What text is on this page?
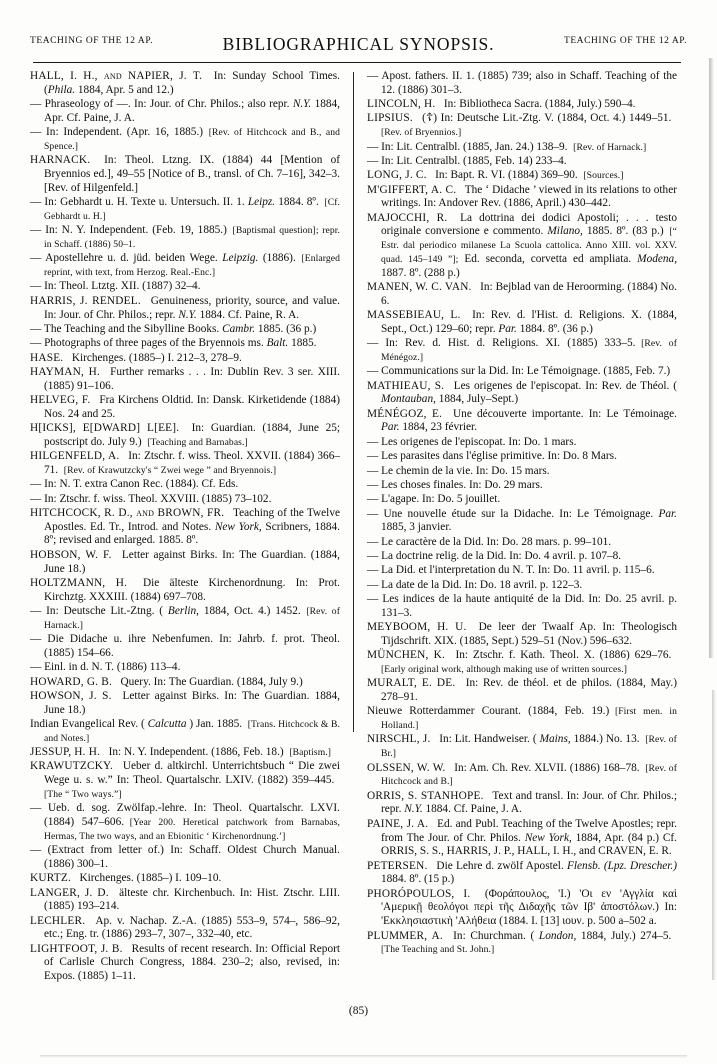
TEACHING OF THE 12 AP.	BIBLIOGRAPHICAL SYNOPSIS.	TEACHING OF THE 12 AP.

HALL, I. H., and NAPIER, J. T.  In: Sunday School Times. (Phila. 1884, Apr. 5 and 12.)

— Phraseology of —. In: Jour. of Chr. Philos.; also repr. N.Y. 1884, Apr. Cf. Paine, J. A.

— In: Independent. (Apr. 16, 1885.)  [Rev. of Hitchcock and B., and Spence.]

HARNACK.  In: Theol. Ltzng. IX. (1884) 44 [Mention of Bryennios ed.], 49–55 [Notice of B., transl. of Ch. 7–16], 342–3. [Rev. of Hilgenfeld.]

— In: Gebhardt u. H. Texte u. Untersuch. II. 1. Leipz. 1884. 8º.  [Cf. Gebhardt u. H.]

— In: N. Y. Independent. (Feb. 19, 1885.)  [Baptismal question]; repr. in Schaff. (1886) 50–1.

— Apostellehre u. d. jüd. beiden Wege. Leipzig. (1886).  [Enlarged reprint, with text, from Herzog. Real.-Enc.]

— In: Theol. Ltztg. XII. (1887) 32–4.

HARRIS, J. RENDEL.  Genuineness, priority, source, and value. In: Jour. of Chr. Philos.; repr. N.Y. 1884. Cf. Paine, R. A.

— The Teaching and the Sibylline Books. Cambr. 1885. (36 p.)

— Photographs of three pages of the Bryennois ms. Balt. 1885.

HASE.  Kirchenges. (1885–) I. 212–3, 278–9.

HAYMAN, H.  Further remarks . . . In: Dublin Rev. 3 ser. XIII. (1885) 91–106.

HELVEG, F.  Fra Kirchens Oldtid. In: Dansk. Kirketidende (1884) Nos. 24 and 25.

H[ICKS], E[DWARD] L[EE].  In: Guardian. (1884, June 25; postscript do. July 9.)  [Teaching and Barnabas.]

HILGENFELD, A.  In: Ztschr. f. wiss. Theol. XXVII. (1884) 366–71.  [Rev. of Krawutzcky's “ Zwei wege ” and Bryennois.]

— In: N. T. extra Canon Rec. (1884). Cf. Eds.

— In: Ztschr. f. wiss. Theol. XXVIII. (1885) 73–102.

HITCHCOCK, R. D., and BROWN, FR.  Teaching of the Twelve Apostles. Ed. Tr., Introd. and Notes. New York, Scribners, 1884. 8º; revised and enlarged. 1885. 8º.

HOBSON, W. F.  Letter against Birks. In: The Guardian. (1884, June 18.)

HOLTZMANN, H.  Die älteste Kirchenordnung. In: Prot. Kirchztg. XXXIII. (1884) 697–708.

— In: Deutsche Lit.-Ztng. ( Berlin, 1884, Oct. 4.) 1452.  [Rev. of Harnack.]

— Die Didache u. ihre Nebenfumen. In: Jahrb. f. prot. Theol. (1885) 154–66.

— Einl. in d. N. T. (1886) 113–4.

HOWARD, G. B.  Query. In: The Guardian. (1884, July 9.)

HOWSON, J. S.  Letter against Birks. In: The Guardian. 1884, June 18.)

Indian Evangelical Rev. ( Calcutta ) Jan. 1885.  [Trans. Hitchcock & B. and Notes.]

JESSUP, H. H.  In: N. Y. Independent. (1886, Feb. 18.)  [Baptism.]

KRAWUTZCKY.  Ueber d. altkirchl. Unterrichtsbuch “ Die zwei Wege u. s. w.” In: Theol. Quartalschr. LXIV. (1882) 359–445. [The “ Two ways.”]

— Ueb. d. sog. Zwölfap.-lehre. In: Theol. Quartalschr. LXVI. (1884) 547–606.  [Year 200. Heretical patchwork from Barnabas, Hermas, The two ways, and an Ebionitic ‘ Kirchenordnung.’]

— (Extract from letter of.) In: Schaff. Oldest Church Manual. (1886) 300–1.

KURTZ.  Kirchenges. (1885–) I. 109–10.

LANGER, J. D.  älteste chr. Kirchenbuch. In: Hist. Ztschr. LIII. (1885) 193–214.

LECHLER.  Ap. v. Nachap. Z.-A. (1885) 553–9, 574–, 586–92, etc.; Eng. tr. (1886) 293–7, 307–, 332–40, etc.

LIGHTFOOT, J. B.  Results of recent research. In: Official Report of Carlisle Church Congress, 1884. 230–2; also, revised, in: Expos. (1885) 1–11.

— Apost. fathers. II. 1. (1885) 739; also in Schaff. Teaching of the 12. (1886) 301–3.

LINCOLN, H.  In: Bibliotheca Sacra. (1884, July.) 590–4.

LIPSIUS.  (☦) In: Deutsche Lit.-Ztg. V. (1884, Oct. 4.) 1449–51. [Rev. of Bryennios.]

— In: Lit. Centralbl. (1885, Jan. 24.) 138–9.  [Rev. of Harnack.]

— In: Lit. Centralbl. (1885, Feb. 14) 233–4.

LONG, J. C.  In: Bapt. R. VI. (1884) 369–90.  [Sources.]

M'GIFFERT, A. C.  The ‘ Didache ’ viewed in its relations to other writings. In: Andover Rev. (1886, April.) 430–442.

MAJOCCHI, R.  La dottrina dei dodici Apostoli; . . . testo originale conversione e commento. Milano, 1885. 8º. (83 p.)  [“ Estr. dal periodico milanese La Scuola cattolica. Anno XIII. vol. XXV. quad. 145–149 ”]; Ed. seconda, corvetta ed ampliata. Modena, 1887. 8º. (288 p.)

MANEN, W. C. VAN.  In: Bejblad van de Heroorming. (1884) No. 6.

MASSEBIEAU, L.  In: Rev. d. l'Hist. d. Religions. X. (1884, Sept., Oct.) 129–60; repr. Par. 1884. 8º. (36 p.)

— In: Rev. d. Hist. d. Religions. XI. (1885) 333–5.  [Rev. of Ménégoz.]

— Communications sur la Did. In: Le Témoignage. (1885, Feb. 7.)

MATHIEAU, S.  Les origenes de l'episcopat. In: Rev. de Théol. ( Montauban, 1884, July–Sept.)

MÉNÉGOZ, E.  Une découverte importante. In: Le Témoinage. Par. 1884, 23 février.

— Les origenes de l'episcopat. In: Do. 1 mars.

— Les parasites dans l'église primitive. In: Do. 8 Mars.

— Le chemin de la vie. In: Do. 15 mars.

— Les choses finales. In: Do. 29 mars.

— L'agape. In: Do. 5 jouillet.

— Une nouvelle étude sur la Didache. In: Le Témoignage. Par. 1885, 3 janvier.

— Le caractère de la Did. In: Do. 28 mars. p. 99–101.

— La doctrine relig. de la Did. In: Do. 4 avril. p. 107–8.

— La Did. et l'interpretation du N. T. In: Do. 11 avril. p. 115–6.

— La date de la Did. In: Do. 18 avril. p. 122–3.

— Les indices de la haute antiquité de la Did. In: Do. 25 avril. p. 131–3.

MEYBOOM, H. U.  De leer der Twaalf Ap. In: Theologisch Tijdschrift. XIX. (1885, Sept.) 529–51 (Nov.) 596–632.

MÜNCHEN, K.  In: Ztschr. f. Kath. Theol. X. (1886) 629–76. [Early original work, although making use of written sources.]

MURALT, E. DE.  In: Rev. de théol. et de philos. (1884, May.) 278–91.

Nieuwe Rotterdammer Courant. (1884, Feb. 19.)  [First men. in Holland.]

NIRSCHL, J.  In: Lit. Handweiser. ( Mains, 1884.) No. 13.  [Rev. of Br.]

OLSSEN, W. W.  In: Am. Ch. Rev. XLVII. (1886) 168–78.  [Rev. of Hitchcock and B.]

ORRIS, S. STANHOPE.  Text and transl. In: Jour. of Chr. Philos.; repr. N.Y. 1884. Cf. Paine, J. A.

PAINE, J. A.  Ed. and Publ. Teaching of the Twelve Apostles; repr. from The Jour. of Chr. Philos. New York, 1884, Apr. (84 p.) Cf. ORRIS, S. S., HARRIS, J. P., HALL, I. H., and CRAVEN, E. R.

PETERSEN.  Die Lehre d. zwölf Apostel. Flensb. (Lpz. Drescher.) 1884. 8º. (15 p.)

PHORÓPOULOS, I.  (Φοράπουλος, 'I.) 'Οι εν 'Αγγλία καὶ 'Αμερικῇ θεολόγοι περὶ τῆς Διδαχῆς τῶν Ιβ' ἀποστόλων.) In: 'Εκκλησιαστικὴ 'Αλήθεια (1884. I. [13] ιουν. p. 500 a–502 a.

PLUMMER, A.  In: Churchman. ( London, 1884, July.) 274–5. [The Teaching and St. John.]

(85)
